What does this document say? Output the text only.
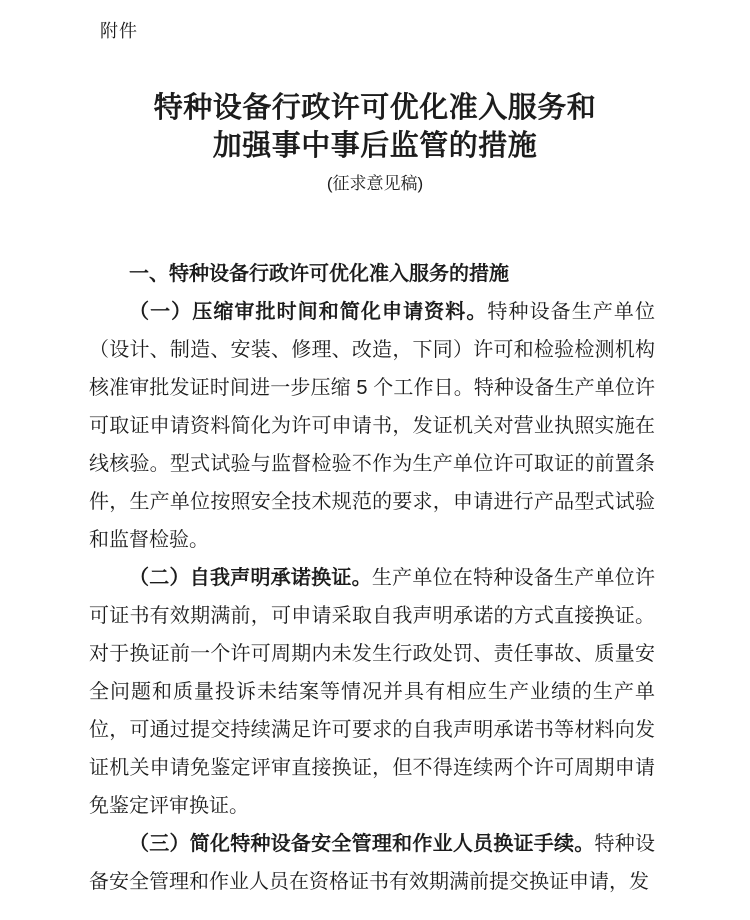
附件
特种设备行政许可优化准入服务和
加强事中事后监管的措施
(征求意见稿)

一、特种设备行政许可优化准入服务的措施

（一）压缩审批时间和简化申请资料。特种设备生产单位（设计、制造、安装、修理、改造，下同）许可和检验检测机构核准审批发证时间进一步压缩 5 个工作日。特种设备生产单位许可取证申请资料简化为许可申请书，发证机关对营业执照实施在线核验。型式试验与监督检验不作为生产单位许可取证的前置条件，生产单位按照安全技术规范的要求，申请进行产品型式试验和监督检验。

（二）自我声明承诺换证。生产单位在特种设备生产单位许可证书有效期满前，可申请采取自我声明承诺的方式直接换证。对于换证前一个许可周期内未发生行政处罚、责任事故、质量安全问题和质量投诉未结案等情况并具有相应生产业绩的生产单位，可通过提交持续满足许可要求的自我声明承诺书等材料向发证机关申请免鉴定评审直接换证，但不得连续两个许可周期申请免鉴定评审换证。

（三）简化特种设备安全管理和作业人员换证手续。特种设备安全管理和作业人员在资格证书有效期满前提交换证申请，发
